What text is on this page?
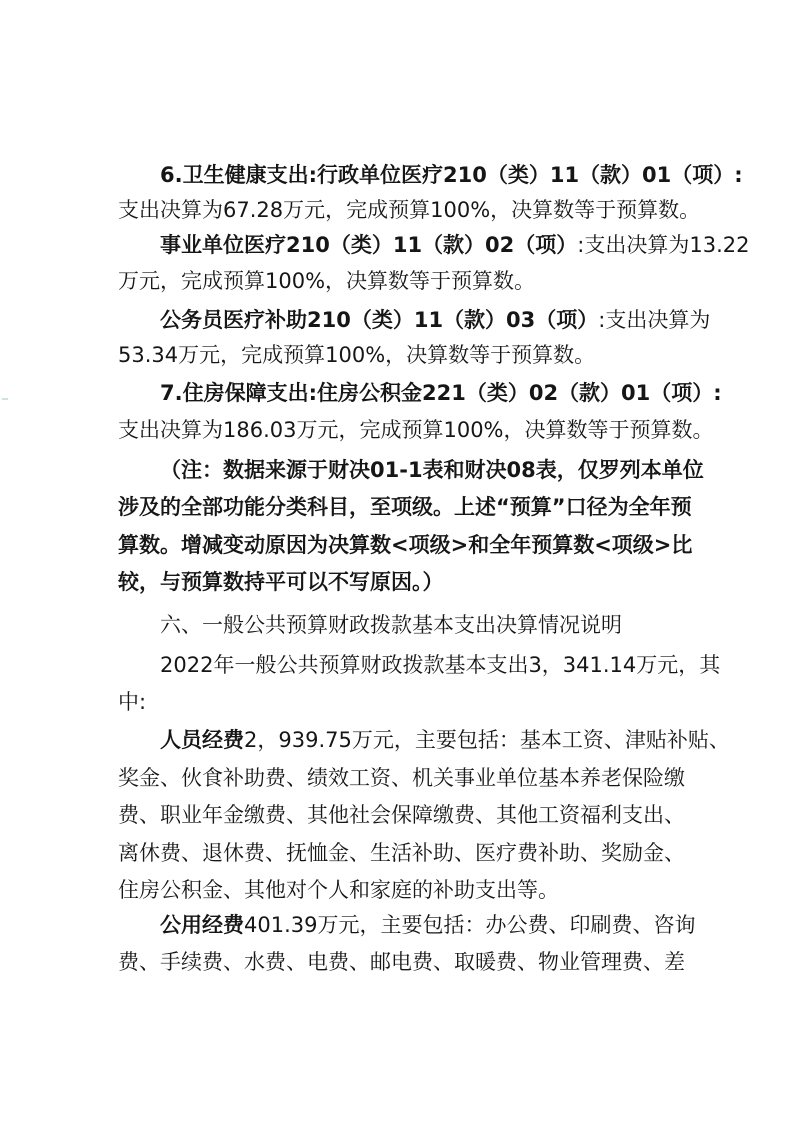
6.卫生健康支出:行政单位医疗210（类）11（款）01（项）:
支出决算为67.28万元，完成预算100%，决算数等于预算数。
事业单位医疗210（类）11（款）02（项）:支出决算为13.22
万元，完成预算100%，决算数等于预算数。
公务员医疗补助210（类）11（款）03（项）:支出决算为
53.34万元，完成预算100%，决算数等于预算数。
7.住房保障支出:住房公积金221（类）02（款）01（项）:
支出决算为186.03万元，完成预算100%，决算数等于预算数。
（注：数据来源于财决01-1表和财决08表，仅罗列本单位
涉及的全部功能分类科目，至项级。上述“预算”口径为全年预
算数。增减变动原因为决算数<项级>和全年预算数<项级>比
较，与预算数持平可以不写原因。）
六、一般公共预算财政拨款基本支出决算情况说明
2022年一般公共预算财政拨款基本支出3，341.14万元，其
中:
人员经费2，939.75万元，主要包括：基本工资、津贴补贴、
奖金、伙食补助费、绩效工资、机关事业单位基本养老保险缴
费、职业年金缴费、其他社会保障缴费、其他工资福利支出、
离休费、退休费、抚恤金、生活补助、医疗费补助、奖励金、
住房公积金、其他对个人和家庭的补助支出等。
公用经费401.39万元，主要包括：办公费、印刷费、咨询
费、手续费、水费、电费、邮电费、取暖费、物业管理费、差
